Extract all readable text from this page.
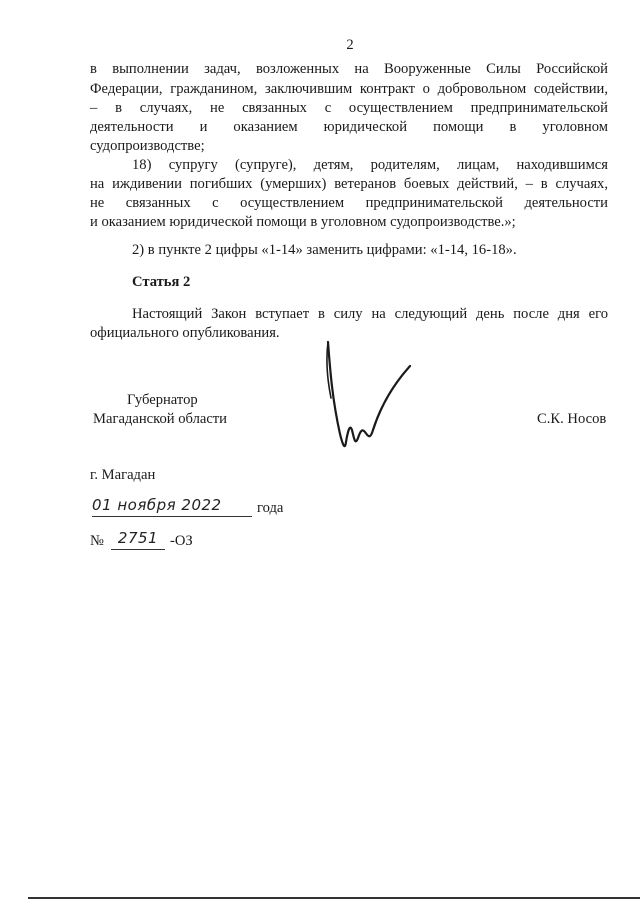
2
в выполнении задач, возложенных на Вооруженные Силы Российской
Федерации, гражданином, заключившим контракт о добровольном содействии,
– в случаях, не связанных с осуществлением предпринимательской
деятельности и оказанием юридической помощи в уголовном
судопроизводстве;
18) супругу (супруге), детям, родителям, лицам, находившимся
на иждивении погибших (умерших) ветеранов боевых действий, – в случаях,
не связанных с осуществлением предпринимательской деятельности
и оказанием юридической помощи в уголовном судопроизводстве.»;
2) в пункте 2 цифры «1-14» заменить цифрами: «1-14, 16-18».
Статья 2
Настоящий Закон вступает в силу на следующий день после дня его
официального опубликования.
Губернатор
Магаданской области	С.К. Носов
г. Магадан
01 ноября 2022	года
№ 2751 -ОЗ
